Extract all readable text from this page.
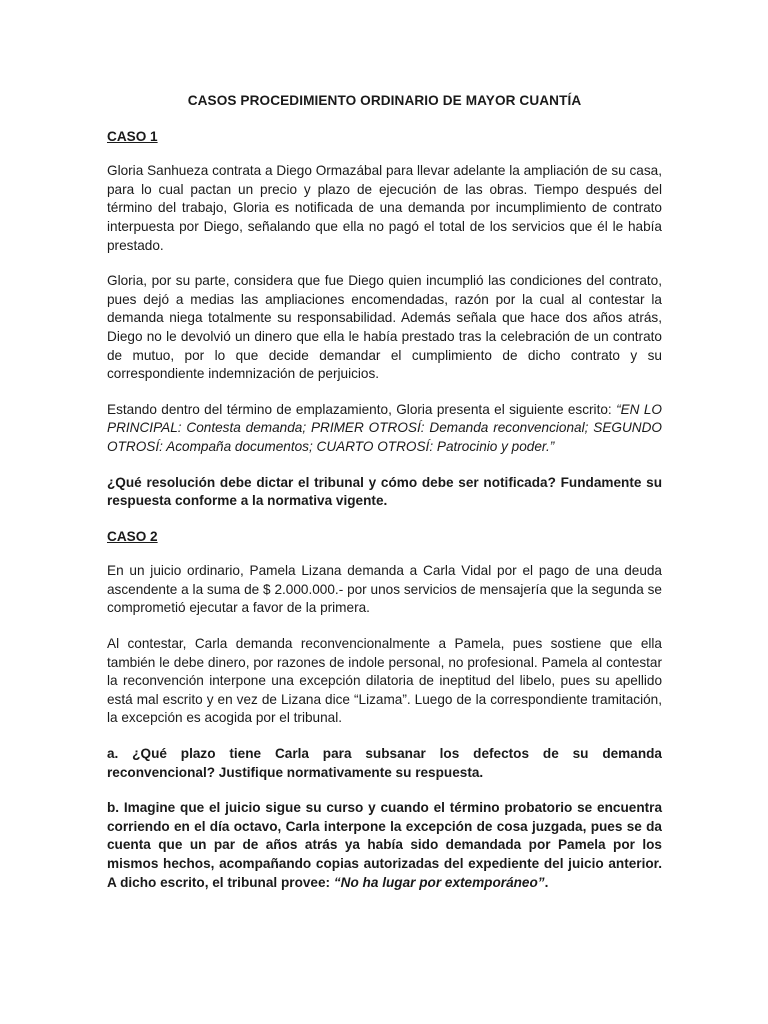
CASOS PROCEDIMIENTO ORDINARIO DE MAYOR CUANTÍA
CASO 1

Gloria Sanhueza contrata a Diego Ormazábal para llevar adelante la ampliación de su casa, para lo cual pactan un precio y plazo de ejecución de las obras. Tiempo después del término del trabajo, Gloria es notificada de una demanda por incumplimiento de contrato interpuesta por Diego, señalando que ella no pagó el total de los servicios que él le había prestado.

Gloria, por su parte, considera que fue Diego quien incumplió las condiciones del contrato, pues dejó a medias las ampliaciones encomendadas, razón por la cual al contestar la demanda niega totalmente su responsabilidad. Además señala que hace dos años atrás, Diego no le devolvió un dinero que ella le había prestado tras la celebración de un contrato de mutuo, por lo que decide demandar el cumplimiento de dicho contrato y su correspondiente indemnización de perjuicios.

Estando dentro del término de emplazamiento, Gloria presenta el siguiente escrito: “EN LO PRINCIPAL: Contesta demanda; PRIMER OTROSÍ: Demanda reconvencional; SEGUNDO OTROSÍ: Acompaña documentos; CUARTO OTROSÍ: Patrocinio y poder.”

¿Qué resolución debe dictar el tribunal y cómo debe ser notificada? Fundamente su respuesta conforme a la normativa vigente.

CASO 2

En un juicio ordinario, Pamela Lizana demanda a Carla Vidal por el pago de una deuda ascendente a la suma de $ 2.000.000.- por unos servicios de mensajería que la segunda se comprometió ejecutar a favor de la primera.

Al contestar, Carla demanda reconvencionalmente a Pamela, pues sostiene que ella también le debe dinero, por razones de indole personal, no profesional. Pamela al contestar la reconvención interpone una excepción dilatoria de ineptitud del libelo, pues su apellido está mal escrito y en vez de Lizana dice “Lizama”. Luego de la correspondiente tramitación, la excepción es acogida por el tribunal.

a. ¿Qué plazo tiene Carla para subsanar los defectos de su demanda reconvencional? Justifique normativamente su respuesta.

b. Imagine que el juicio sigue su curso y cuando el término probatorio se encuentra corriendo en el día octavo, Carla interpone la excepción de cosa juzgada, pues se da cuenta que un par de años atrás ya había sido demandada por Pamela por los mismos hechos, acompañando copias autorizadas del expediente del juicio anterior. A dicho escrito, el tribunal provee: “No ha lugar por extemporáneo”.
